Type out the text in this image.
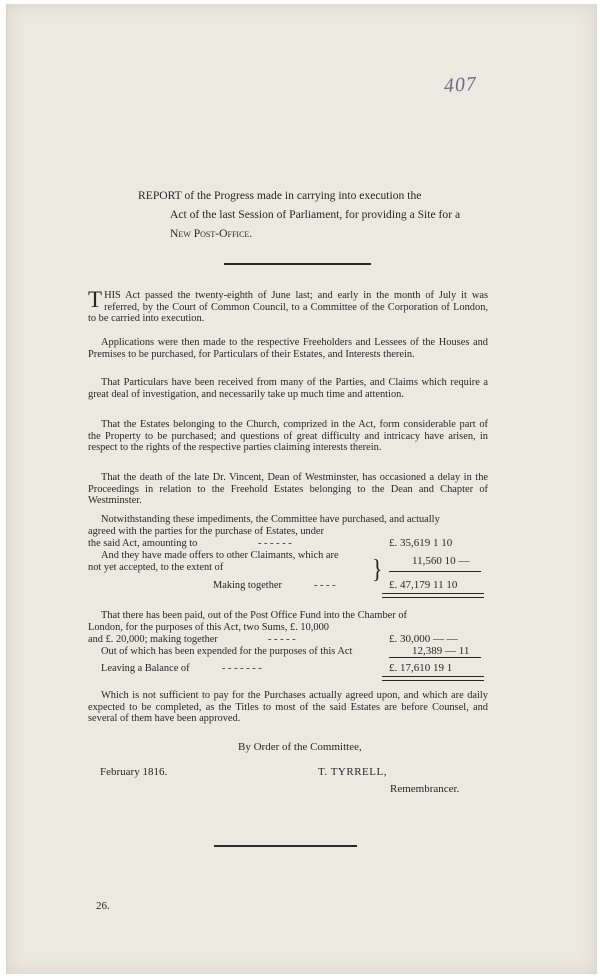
407
REPORT of the Progress made in carrying into execution the

Act of the last Session of Parliament, for providing a Site for a
New Post-Office.
THIS Act passed the twenty-eighth of June last; and early in the month of July it was referred, by the Court of Common Council, to a Committee of the Corporation of London, to be carried into execution.
Applications were then made to the respective Freeholders and Lessees of the Houses and Premises to be purchased, for Particulars of their Estates, and Interests therein.
That Particulars have been received from many of the Parties, and Claims which require a great deal of investigation, and necessarily take up much time and attention.
That the Estates belonging to the Church, comprized in the Act, form considerable part of the Property to be purchased; and questions of great difficulty and intricacy have arisen, in respect to the rights of the respective parties claiming interests therein.
That the death of the late Dr. Vincent, Dean of Westminster, has occasioned a delay in the Proceedings in relation to the Freehold Estates belonging to the Dean and Chapter of Westminster.
Notwithstanding these impediments, the Committee have purchased, and actually
agreed with the parties for the purchase of Estates, under
the said Act, amounting to	- - - - - -	£. 35,619 1 10
And they have made offers to other Claimants, which are
not yet accepted, to the extent of	}	11,560 10 —
Making together	- - - -	£. 47,179 11 10
That there has been paid, out of the Post Office Fund into the Chamber of
London, for the purposes of this Act, two Sums, £. 10,000
and £. 20,000; making together	- - - - -	£. 30,000 — —
Out of which has been expended for the purposes of this Act	12,389 — 11
Leaving a Balance of	- - - - - - -	£. 17,610 19 1
Which is not sufficient to pay for the Purchases actually agreed upon, and which are daily expected to be completed, as the Titles to most of the said Estates are before Counsel, and several of them have been approved.
By Order of the Committee,
February 1816.	T. TYRRELL,
Remembrancer.
26.
